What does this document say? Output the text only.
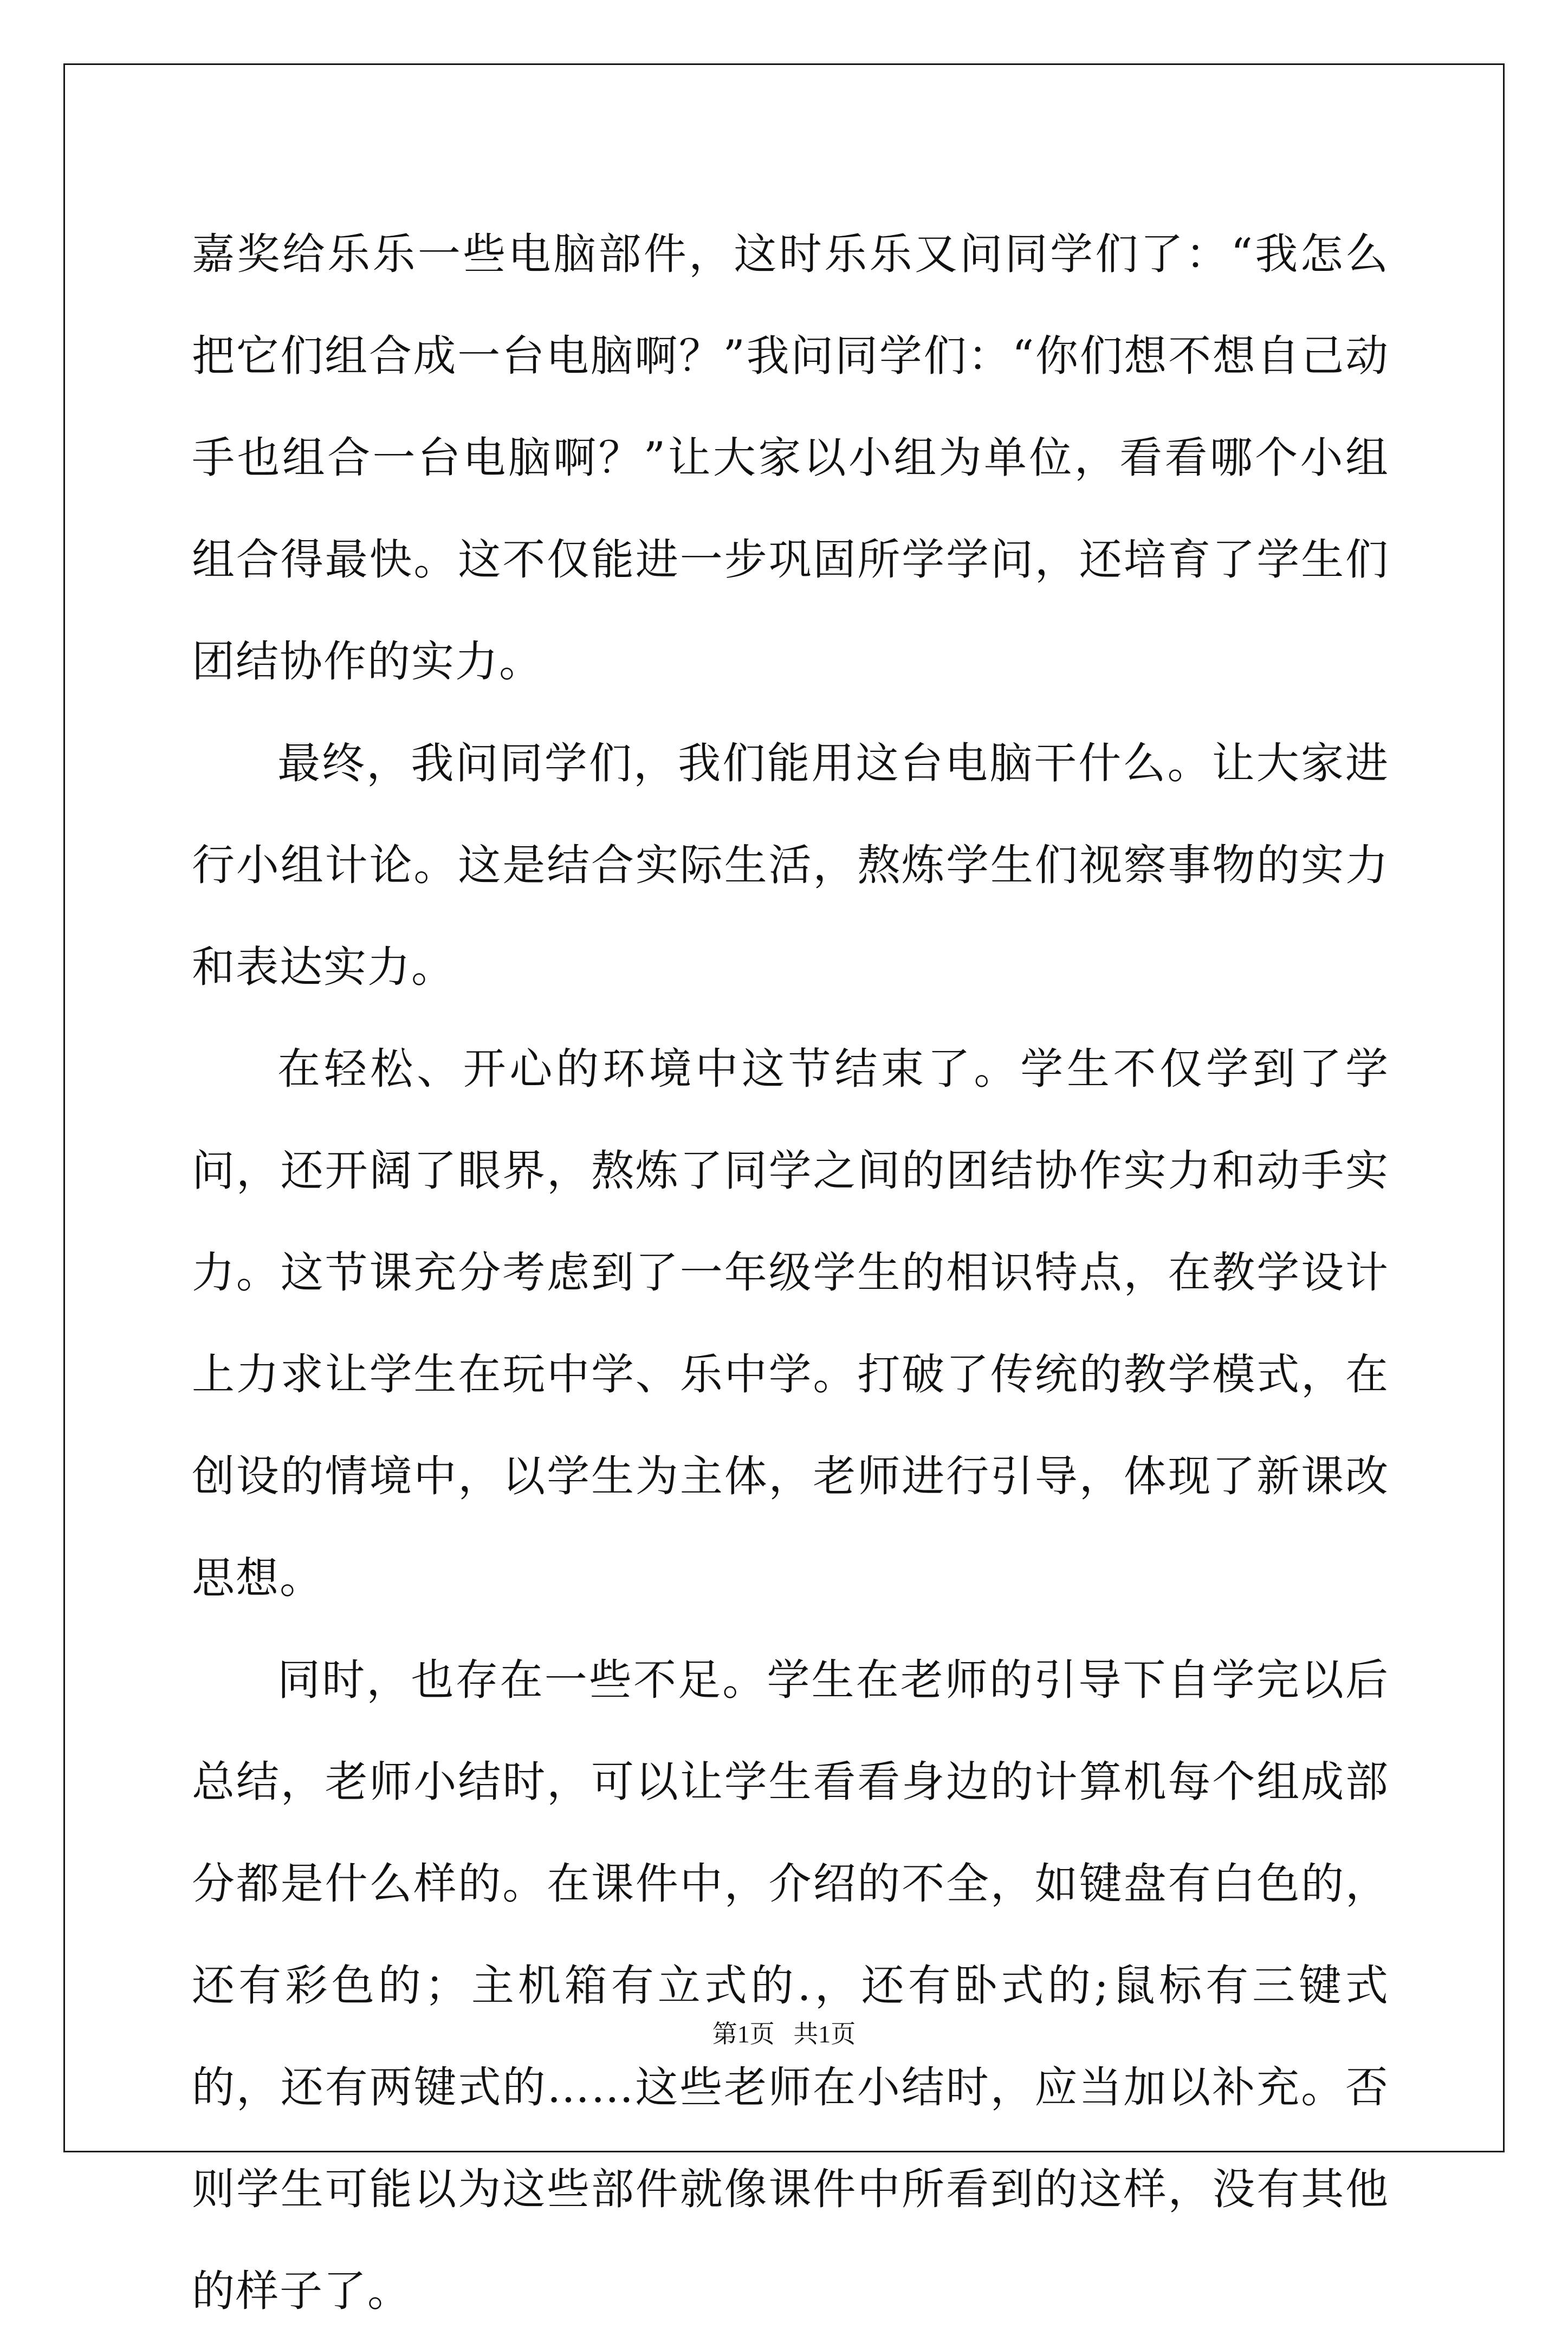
嘉奖给乐乐一些电脑部件，这时乐乐又问同学们了：“我怎么把它们组合成一台电脑啊？”我问同学们：“你们想不想自己动手也组合一台电脑啊？”让大家以小组为单位，看看哪个小组组合得最快。这不仅能进一步巩固所学学问，还培育了学生们团结协作的实力。

最终，我问同学们，我们能用这台电脑干什么。让大家进行小组计论。这是结合实际生活，熬炼学生们视察事物的实力和表达实力。

在轻松、开心的环境中这节结束了。学生不仅学到了学问，还开阔了眼界，熬炼了同学之间的团结协作实力和动手实力。这节课充分考虑到了一年级学生的相识特点，在教学设计上力求让学生在玩中学、乐中学。打破了传统的教学模式，在创设的情境中，以学生为主体，老师进行引导，体现了新课改思想。

同时，也存在一些不足。学生在老师的引导下自学完以后总结，老师小结时，可以让学生看看身边的计算机每个组成部分都是什么样的。在课件中，介绍的不全，如键盘有白色的，还有彩色的；主机箱有立式的.，还有卧式的;鼠标有三键式的，还有两键式的……这些老师在小结时，应当加以补充。否则学生可能以为这些部件就像课件中所看到的这样，没有其他的样子了。

第1页   共1页
